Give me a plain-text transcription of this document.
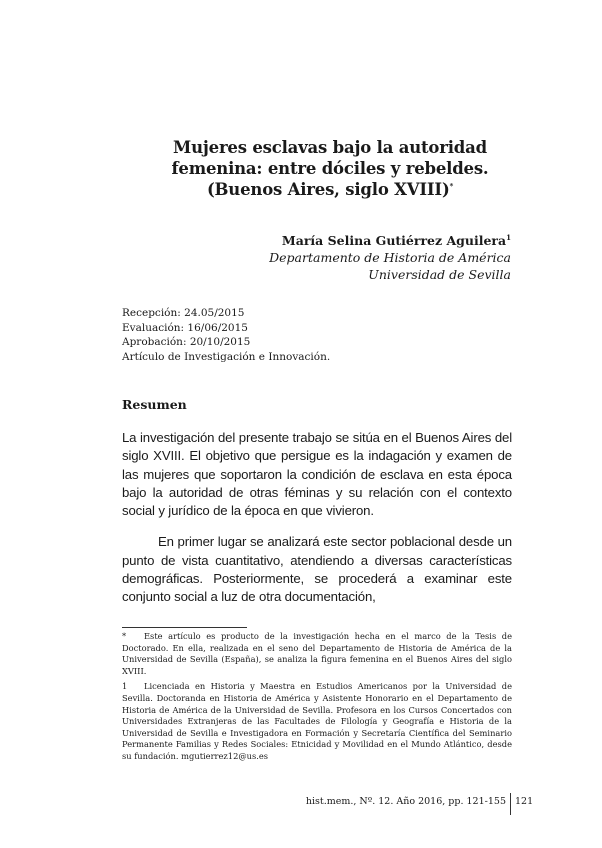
Mujeres esclavas bajo la autoridad
femenina: entre dóciles y rebeldes.
(Buenos Aires, siglo XVIII)*
María Selina Gutiérrez Aguilera$^1$
Departamento de Historia de América
Universidad de Sevilla
Recepción: 24.05/2015
Evaluación: 16/06/2015
Aprobación: 20/10/2015
Artículo de Investigación e Innovación.
Resumen

La investigación del presente trabajo se sitúa en el Buenos Aires del siglo XVIII. El objetivo que persigue es la indagación y examen de las mujeres que soportaron la condición de esclava en esta época bajo la autoridad de otras féminas y su relación con el contexto social y jurídico de la época en que vivieron.

En primer lugar se analizará este sector poblacional desde un punto de vista cuantitativo, atendiendo a diversas características demográficas. Posteriormente, se procederá a examinar este conjunto social a luz de otra documentación,

* Este artículo es producto de la investigación hecha en el marco de la Tesis de Doctorado. En ella, realizada en el seno del Departamento de Historia de América de la Universidad de Sevilla (España), se analiza la figura femenina en el Buenos Aires del siglo XVIII.

1 Licenciada en Historia y Maestra en Estudios Americanos por la Universidad de Sevilla. Doctoranda en Historia de América y Asistente Honorario en el Departamento de Historia de América de la Universidad de Sevilla. Profesora en los Cursos Concertados con Universidades Extranjeras de las Facultades de Filología y Geografía e Historia de la Universidad de Sevilla e Investigadora en Formación y Secretaría Científica del Seminario Permanente Familias y Redes Sociales: Etnicidad y Movilidad en el Mundo Atlántico, desde su fundación. mgutierrez12@us.es

hist.mem., Nº. 12. Año 2016, pp. 121-155 121
